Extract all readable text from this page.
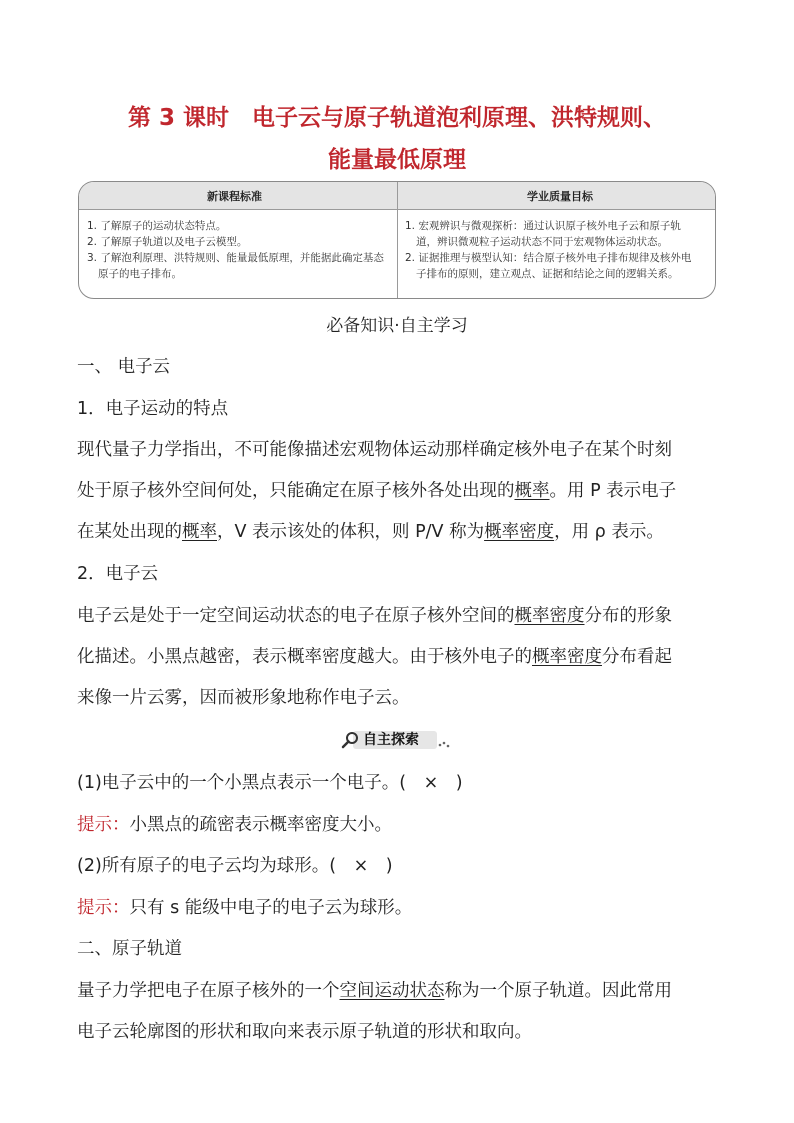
第 3 课时　电子云与原子轨道泡利原理、洪特规则、
能量最低原理
新课程标准	学业质量目标

1. 了解原子的运动状态特点。

2. 了解原子轨道以及电子云模型。

3. 了解泡利原理、洪特规则、能量最低原理，并能据此确定基态

原子的电子排布。

1. 宏观辨识与微观探析：通过认识原子核外电子云和原子轨

道，辨识微观粒子运动状态不同于宏观物体运动状态。

2. 证据推理与模型认知：结合原子核外电子排布规律及核外电

子排布的原则，建立观点、证据和结论之间的逻辑关系。

必备知识·自主学习
一、 电子云
1．电子运动的特点
现代量子力学指出，不可能像描述宏观物体运动那样确定核外电子在某个时刻
处于原子核外空间何处，只能确定在原子核外各处出现的概率。用 P 表示电子
在某处出现的概率，V 表示该处的体积，则 P/V 称为概率密度，用 ρ 表示。
2．电子云
电子云是处于一定空间运动状态的电子在原子核外空间的概率密度分布的形象
化描述。小黑点越密，表示概率密度越大。由于核外电子的概率密度分布看起
来像一片云雾，因而被形象地称作电子云。
自主探索
(1)电子云中的一个小黑点表示一个电子。(　×　)
提示：小黑点的疏密表示概率密度大小。
(2)所有原子的电子云均为球形。(　×　)
提示：只有 s 能级中电子的电子云为球形。
二、原子轨道
量子力学把电子在原子核外的一个空间运动状态称为一个原子轨道。因此常用
电子云轮廓图的形状和取向来表示原子轨道的形状和取向。
